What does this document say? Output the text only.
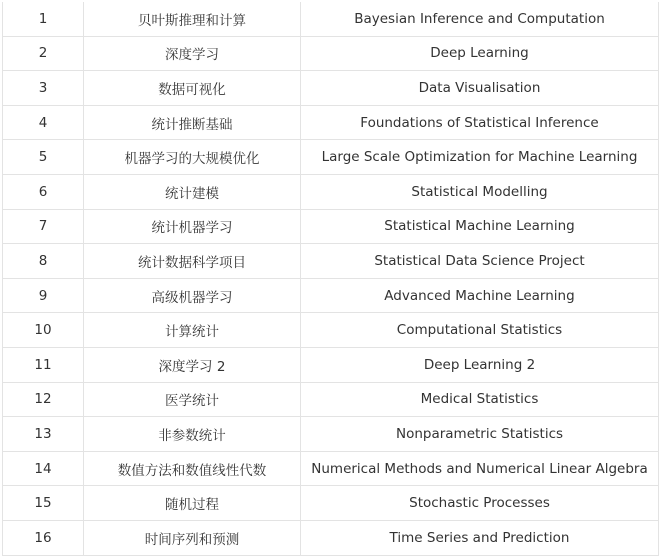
1	贝叶斯推理和计算	Bayesian Inference and Computation
2	深度学习	Deep Learning
3	数据可视化	Data Visualisation
4	统计推断基础	Foundations of Statistical Inference
5	机器学习的大规模优化	Large Scale Optimization for Machine Learning
6	统计建模	Statistical Modelling
7	统计机器学习	Statistical Machine Learning
8	统计数据科学项目	Statistical Data Science Project
9	高级机器学习	Advanced Machine Learning
10	计算统计	Computational Statistics
11	深度学习 2	Deep Learning 2
12	医学统计	Medical Statistics
13	非参数统计	Nonparametric Statistics
14	数值方法和数值线性代数	Numerical Methods and Numerical Linear Algebra
15	随机过程	Stochastic Processes
16	时间序列和预测	Time Series and Prediction
